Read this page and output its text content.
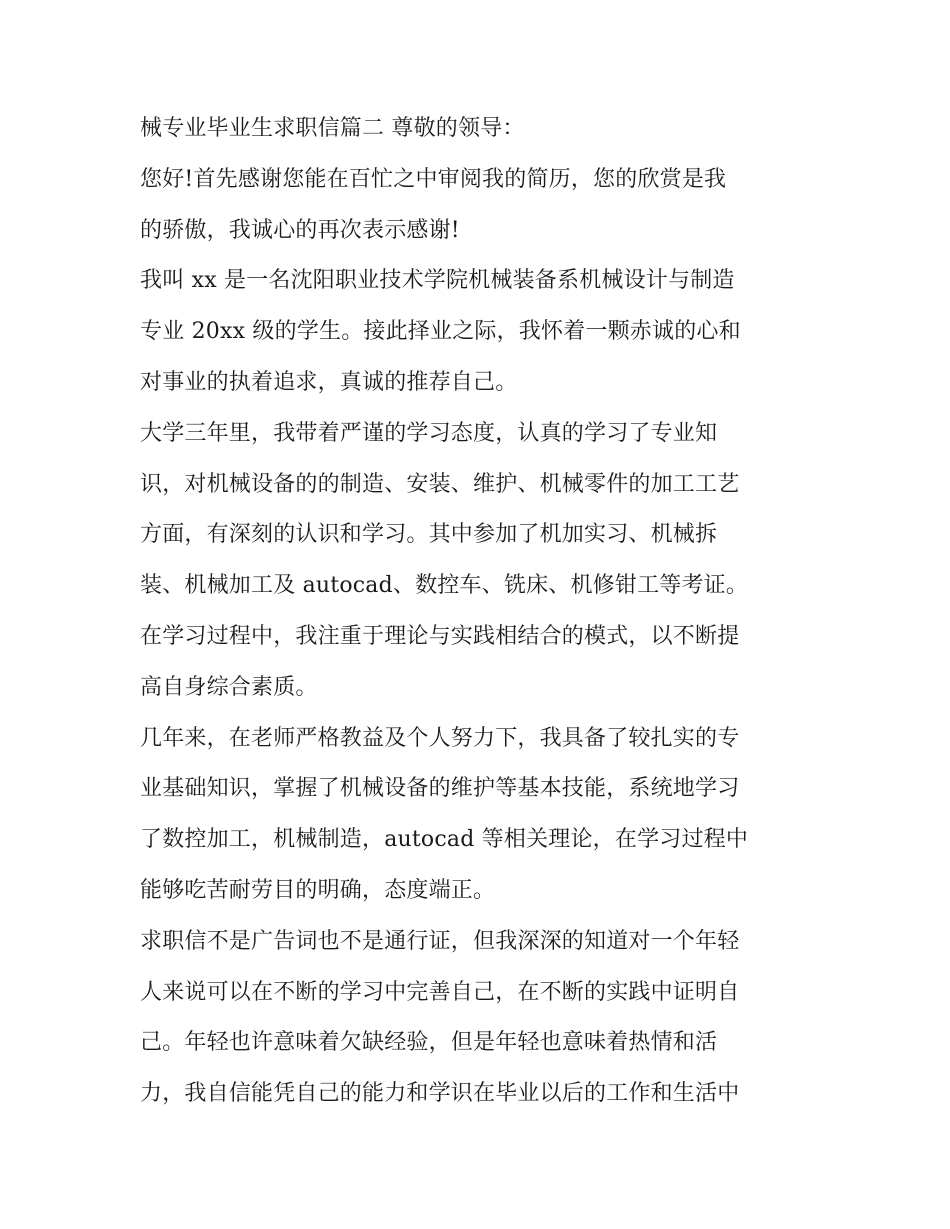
械专业毕业生求职信篇二 尊敬的领导：

您好!首先感谢您能在百忙之中审阅我的简历，您的欣赏是我

的骄傲，我诚心的再次表示感谢!

我叫 xx 是一名沈阳职业技术学院机械装备系机械设计与制造

专业 20xx 级的学生。接此择业之际，我怀着一颗赤诚的心和

对事业的执着追求，真诚的推荐自己。

大学三年里，我带着严谨的学习态度，认真的学习了专业知

识，对机械设备的的制造、安装、维护、机械零件的加工工艺

方面，有深刻的认识和学习。其中参加了机加实习、机械拆

装、机械加工及 autocad、数控车、铣床、机修钳工等考证。

在学习过程中，我注重于理论与实践相结合的模式，以不断提

高自身综合素质。

几年来，在老师严格教益及个人努力下，我具备了较扎实的专

业基础知识，掌握了机械设备的维护等基本技能，系统地学习

了数控加工，机械制造，autocad 等相关理论，在学习过程中

能够吃苦耐劳目的明确，态度端正。

求职信不是广告词也不是通行证，但我深深的知道对一个年轻

人来说可以在不断的学习中完善自己，在不断的实践中证明自

己。年轻也许意味着欠缺经验，但是年轻也意味着热情和活

力，我自信能凭自己的能力和学识在毕业以后的工作和生活中
